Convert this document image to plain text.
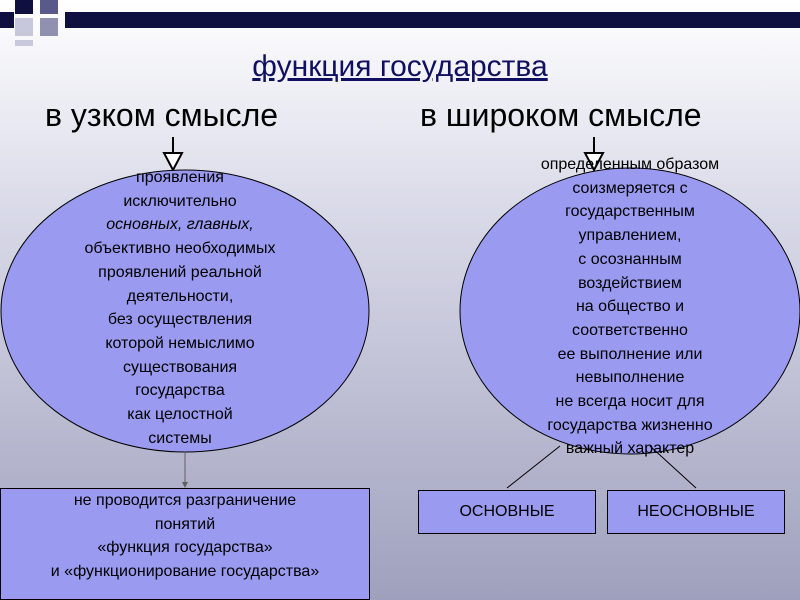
функция государства
в узком смысле	в широком смысле
проявления
исключительно
основных, главных,
объективно необходимых
проявлений реальной
деятельности,
без осуществления
которой немыслимо
существования
государства
как целостной
системы
определенным образом
соизмеряется с
государственным
управлением,
с осознанным
воздействием
на общество и
соответственно
ее выполнение или
невыполнение
не всегда носит для
государства жизненно
важный характер
не проводится разграничение
понятий
«функция государства»
и «функционирование государства»
ОСНОВНЫЕ	НЕОСНОВНЫЕ
